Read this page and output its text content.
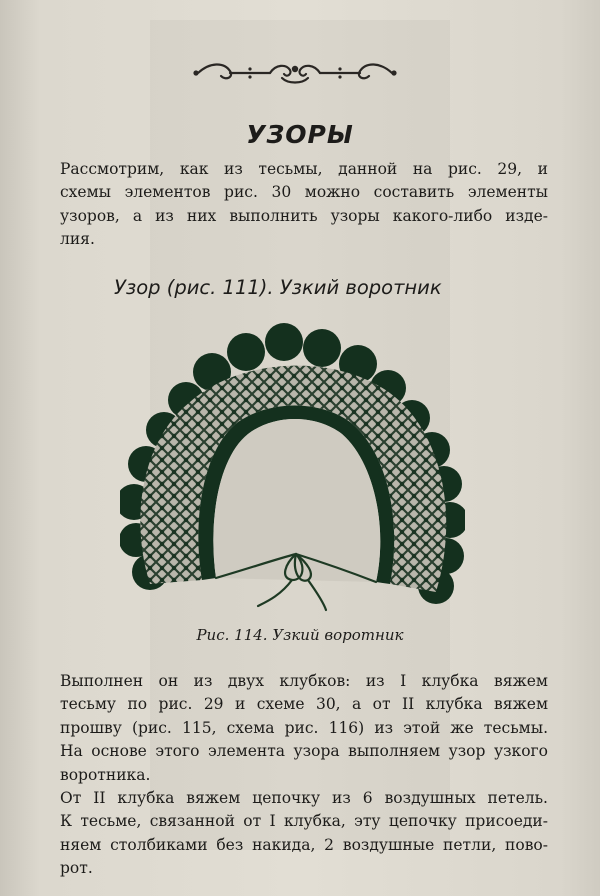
УЗОРЫ
Рассмотрим, как из тесьмы, данной на рис. 29, и
схемы элементов рис. 30 можно составить элементы
узоров, а из них выполнить узоры какого-либо изде-
лия.
Узор (рис. 111). Узкий воротник
Рис. 114. Узкий воротник
Выполнен он из двух клубков: из I клубка вяжем
тесьму по рис. 29 и схеме 30, а от II клубка вяжем
прошву (рис. 115, схема рис. 116) из этой же тесьмы.
На основе этого элемента узора выполняем узор узкого
воротника.
От II клубка вяжем цепочку из 6 воздушных петель.
К тесьме, связанной от I клубка, эту цепочку присоеди-
няем столбиками без накида, 2 воздушные петли, пово-
рот.
